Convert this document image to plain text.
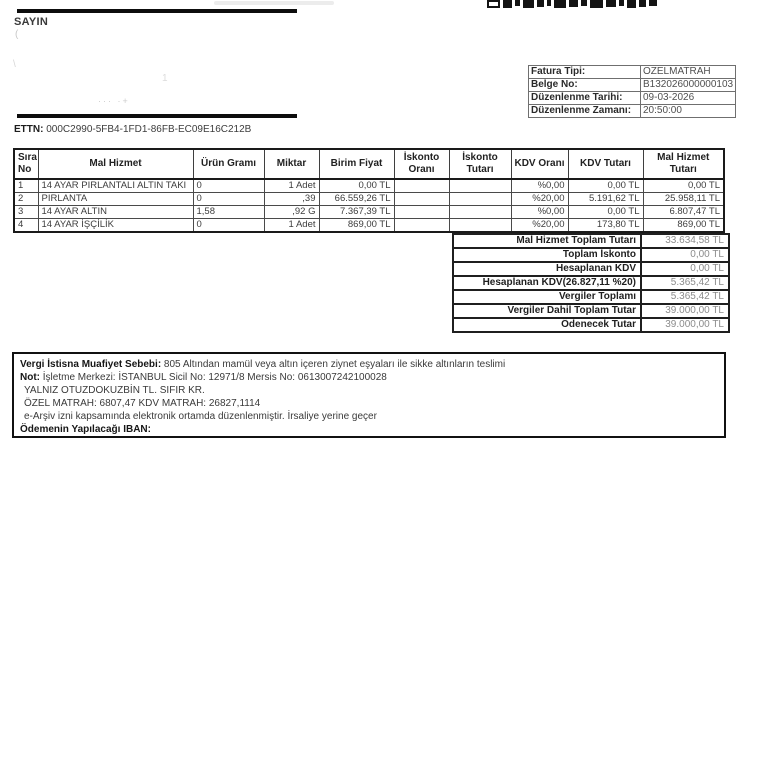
SAYIN
(
\
1
··· ·+
Fatura Tipi:	OZELMATRAH
Belge No:	B132026000000103
Düzenlenme Tarihi:	09-03-2026
Düzenlenme Zamanı:	20:50:00
ETTN: 000C2990-5FB4-1FD1-86FB-EC09E16C212B
Sıra No	Mal Hizmet	Ürün Gramı	Miktar	Birim Fiyat	İskonto Oranı	İskonto Tutarı	KDV Oranı	KDV Tutarı	Mal Hizmet Tutarı
1	14 AYAR PIRLANTALI ALTIN TAKI	0	1 Adet	0,00 TL			%0,00	0,00 TL	0,00 TL
2	PIRLANTA	0	,39	66.559,26 TL			%20,00	5.191,62 TL	25.958,11 TL
3	14 AYAR ALTIN	1,58	,92 G	7.367,39 TL			%0,00	0,00 TL	6.807,47 TL
4	14 AYAR İŞÇİLİK	0	1 Adet	869,00 TL			%20,00	173,80 TL	869,00 TL
Mal Hizmet Toplam Tutarı	33.634,58 TL
Toplam İskonto	0,00 TL
Hesaplanan KDV	0,00 TL
Hesaplanan KDV(26.827,11 %20)	5.365,42 TL
Vergiler Toplamı	5.365,42 TL
Vergiler Dahil Toplam Tutar	39.000,00 TL
Ödenecek Tutar	39.000,00 TL
Vergi İstisna Muafiyet Sebebi: 805 Altından mamül veya altın içeren ziynet eşyaları ile sikke altınların teslimi
Not: İşletme Merkezi: İSTANBUL Sicil No: 12971/8 Mersis No: 0613007242100028
YALNIZ OTUZDOKUZBİN TL. SIFIR KR.
ÖZEL MATRAH: 6807,47 KDV MATRAH: 26827,1114
e-Arşiv izni kapsamında elektronik ortamda düzenlenmiştir. İrsaliye yerine geçer
Ödemenin Yapılacağı IBAN:
